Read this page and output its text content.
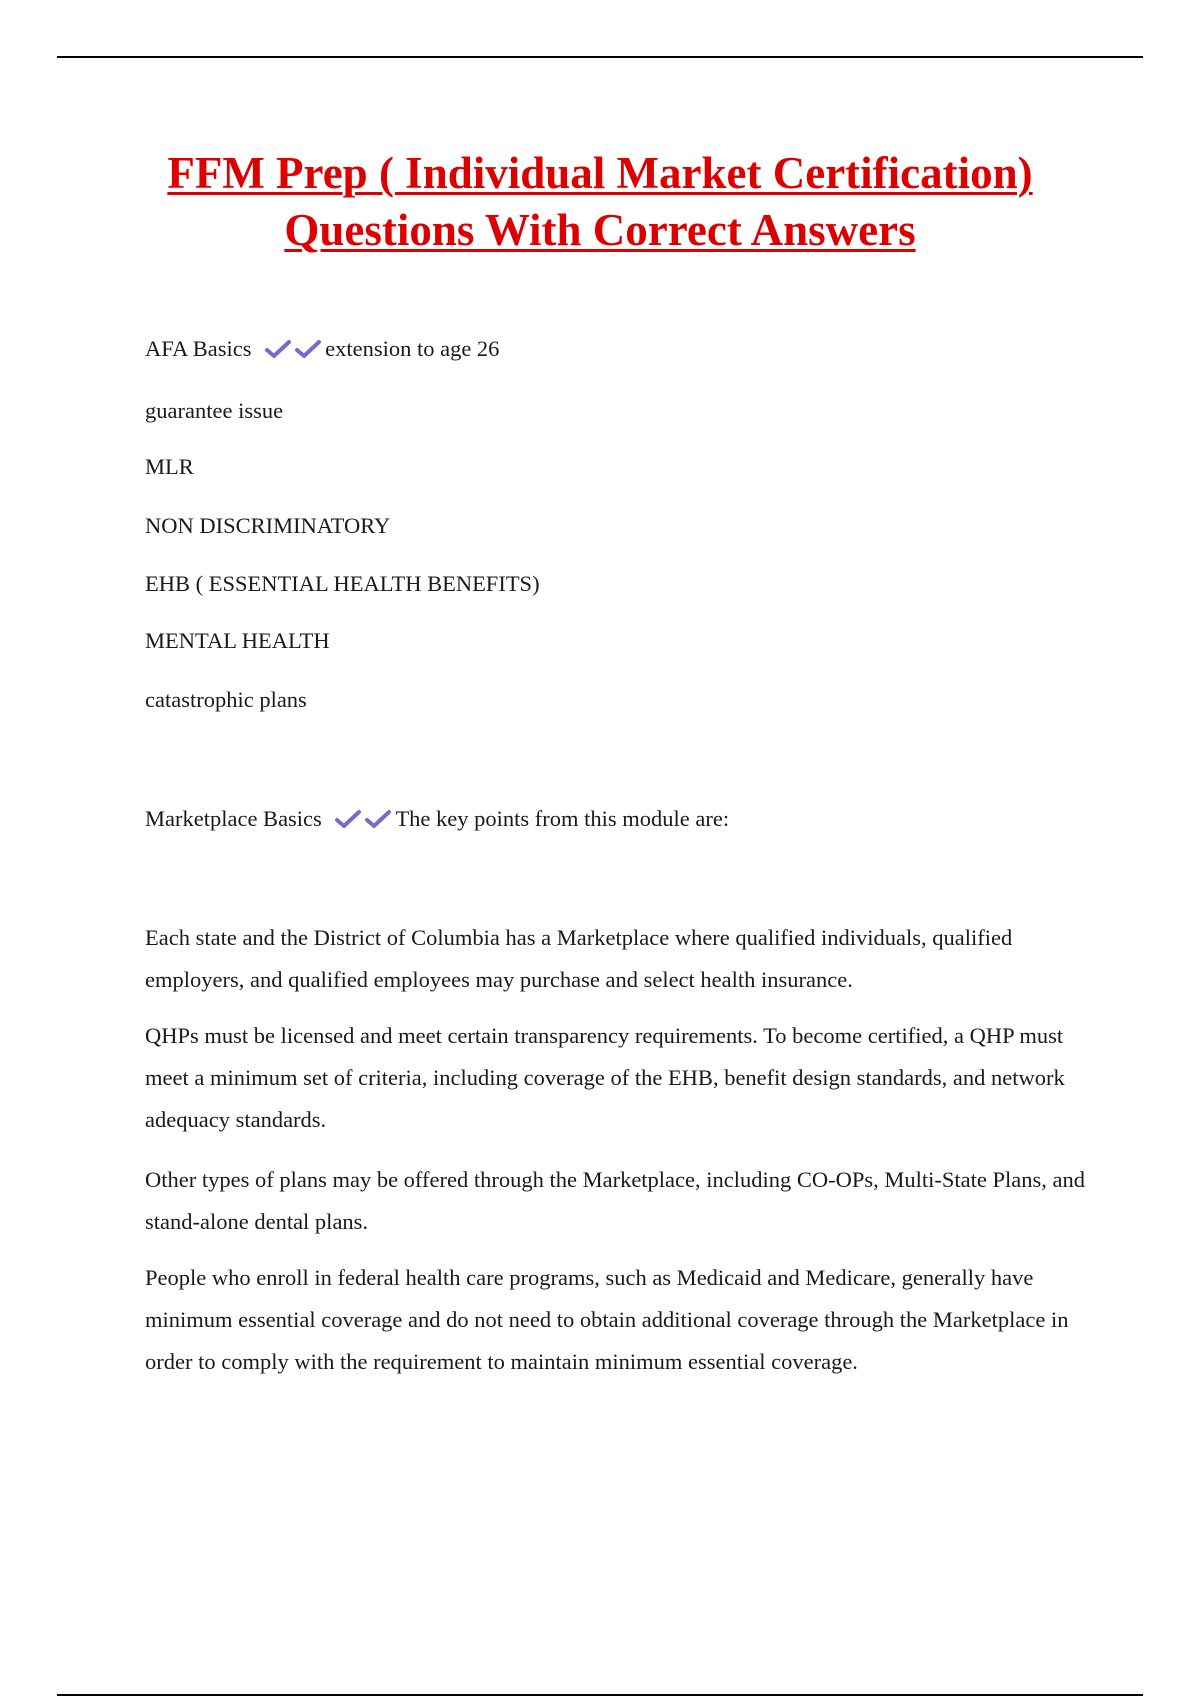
FFM Prep ( Individual Market Certification)
Questions With Correct Answers

AFA Basics	extension to age 26

guarantee issue

MLR

NON DISCRIMINATORY

EHB ( ESSENTIAL HEALTH BENEFITS)

MENTAL HEALTH

catastrophic plans

Marketplace Basics	The key points from this module are:

Each state and the District of Columbia has a Marketplace where qualified individuals, qualified employers, and qualified employees may purchase and select health insurance.

QHPs must be licensed and meet certain transparency requirements. To become certified, a QHP must meet a minimum set of criteria, including coverage of the EHB, benefit design standards, and network adequacy standards.

Other types of plans may be offered through the Marketplace, including CO-OPs, Multi-State Plans, and stand-alone dental plans.

People who enroll in federal health care programs, such as Medicaid and Medicare, generally have minimum essential coverage and do not need to obtain additional coverage through the Marketplace in order to comply with the requirement to maintain minimum essential coverage.
